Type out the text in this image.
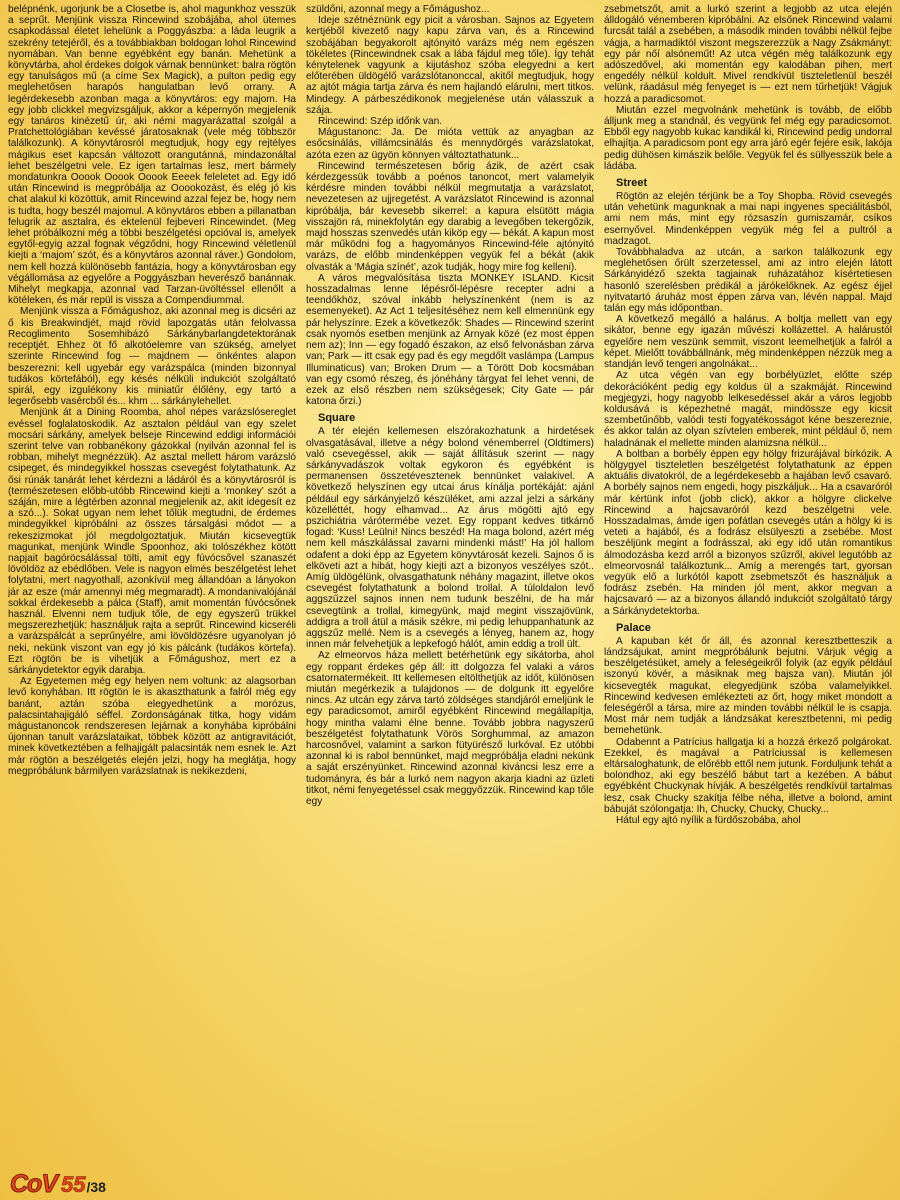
belépnénk, ugorjunk be a Closetbe is, ahol magunkhoz vesszük a seprűt. Menjünk vissza Rincewind szobájába, ahol ütemes csapkodással életet lehelünk a Poggyászba: a láda leugrik a szekrény tetejéről, és a továbbiakban boldogan lohol Rincewind nyomában. Van benne egyébként egy banán. Mehetünk a könyvtárba, ahol érdekes dolgok várnak bennünket: balra rögtön egy tanulságos mű (a címe Sex Magick), a pulton pedig egy meglehetősen harapós hangulatban levő orrany. A legérdekesebb azonban maga a könyvtáros: egy majom. Ha egy jobb clickkel megvizsgáljuk, akkor a képernyőn megjelenik egy tanáros kinézetű úr, aki némi magyarázattal szolgál a Pratchettológiában kevéssé járatosaknak (vele még többször találkozunk). A könyvtárosról megtudjuk, hogy egy rejtélyes mágikus eset kapcsán változott orangutánná, mindazonáltal lehet beszélgetni vele. Ez igen tartalmas lesz, mert bármely mondatunkra Ooook Ooook Ooook Eeeek feleletet ad. Egy idő után Rincewind is megpróbálja az Ooookozást, és elég jó kis chat alakul ki közöttük, amit Rincewind azzal fejez be, hogy nem is tudta, hogy beszél majomul. A könyvtáros ebben a pillanatban felugrik az asztalra, és ektelenül fejbeveri Rincewindet. (Meg lehet próbálkozni még a többi beszélgetési opcióval is, amelyek egytől-egyig azzal fognak végződni, hogy Rincewind véletlenül kiejti a ‘majom’ szót, és a könyvtáros azonnal ráver.) Gondolom, nem kell hozzá különösebb fantázia, hogy a könyvtárosban egy végállomása az egyelőre a Poggyászban heverésző banánnak. Mihelyt megkapja, azonnal vad Tarzan-üvöltéssel ellenőlt a kötéleken, és már repül is vissza a Compendiummal.

Menjünk vissza a Főmágushoz, aki azonnal meg is dicséri az ő kis Breakwindjét, majd rövid lapozgatás után felolvassa Recoglimento Sosemhibázó Sárkánybarlangdetektorának receptjét. Ehhez öt fő alkotóelemre van szükség, amelyet szerinte Rincewind fog — majdnem — önkéntes alapon beszerezni: kell ugyebár egy varázspálca (minden bizonnyal tudákos körtefából), egy késés nélküli indukciót szolgáltató spirál, egy izgulékony kis miniatűr élőlény, egy tartó a legerősebb vasércből és... khm ... sárkánylehellet.

Menjünk át a Dining Roomba, ahol népes varázslósereglet evéssel foglalatoskodik. Az asztalon például van egy szelet mocsári sárkány, amelyek belseje Rincewind eddigi információi szerint telve van robbanékony gázokkal (nyilván azonnal fel is robban, mihelyt megnézzük). Az asztal mellett három varázsló csipeget, és mindegyikkel hosszas csevegést folytathatunk. Az ősi rúnák tanárát lehet kérdezni a ládáról és a könyvtárosról is (természetesen előbb-utóbb Rincewind kiejti a ‘monkey’ szót a száján, mire a légtérben azonnal megjelenik az, akit idegesít ez a szó...). Sokat ugyan nem lehet tőlük megtudni, de érdemes mindegyikkel kipróbálni az összes társalgási módot — a rekeszizmokat jól megdolgoztatjuk. Miután kicsevegtük magunkat, menjünk Windle Spoonhoz, aki tolószékhez kötött napjait bagóröcsálással tölti, amit egy fúvócsővel szanaszét lövöldöz az ebédlőben. Vele is nagyon elmés beszélgetést lehet folytatni, mert nagyothall, azonkívül meg állandóan a lányokon jár az esze (már amennyi még megmaradt). A mondanivalójánál sokkal érdekesebb a pálca (Staff), amit momentán fúvócsőnek használ. Elvenni nem tudjuk tőle, de egy egyszerű trükkel megszerezhetjük: használjuk rajta a seprűt. Rincewind kicseréli a varázspálcát a seprűnyélre, ami lövöldözésre ugyanolyan jó neki, nekünk viszont van egy jó kis pálcánk (tudákos körtefa). Ezt rögtön be is vihetjük a Főmágushoz, mert ez a sárkánydetektor egyik darabja.

Az Egyetemen még egy helyen nem voltunk: az alagsorban levő konyhában. Itt rögtön le is akaszthatunk a falról még egy banánt, aztán szóba elegyedhetünk a morózus, palacsintahajigáló séffel. Zordonságának titka, hogy vidám mágustanoncok rendszeresen lejárnak a konyhába kipróbálni újonnan tanult varázslataikat, többek között az antigravitációt, minek következtében a felhajigált palacsinták nem esnek le. Azt már rögtön a beszélgetés elején jelzi, hogy ha meglátja, hogy megpróbálunk bármilyen varázslatnak is nekikezdeni,

szüldőni, azonnal megy a Főmágushoz...

Ideje szétnéznünk egy picit a városban. Sajnos az Egyetem kertjéből kivezető nagy kapu zárva van, és a Rincewind szobájában begyakorolt ajtónyitó varázs még nem egészen tökéletes (Rincewindnek csak a lába fájdul meg tőle). Így tehát kénytelenek vagyunk a kijutáshoz szóba elegyedni a kert előterében üldögélő varázslótanonccal, akitől megtudjuk, hogy az ajtót mágia tartja zárva és nem hajlandó elárulni, mert titkos. Mindegy. A párbeszédikonok megjelenése után válasszuk a szája.

Rincewind: Szép időnk van.

Mágustanonc: Ja. De mióta vettük az anyagban az esőcsinálás, villámcsinálás és mennydörgés varázslatokat, azóta ezen az ügyön könnyen változtathatunk...

Rincewind természetesen bőrig ázik, de azért csak kérdezgessük tovább a poénos tanoncot, mert valamelyik kérdésre minden további nélkül megmutatja a varázslatot, nevezetesen az ujjregetést. A varázslatot Rincewind is azonnal kipróbálja, bár kevesebb sikerrel: a kapura elsütött mágia visszajön rá, minekfolytán egy darabig a levegőben tekergőzik, majd hosszas szenvedés után kiköp egy — békát. A kapun most már működni fog a hagyományos Rincewind-féle ajtónyitó varázs, de előbb mindenképpen vegyük fel a békát (akik olvasták a ‘Mágia színét’, azok tudják, hogy mire fog kelleni).

A város megvalósítása tiszta MONKEY ISLAND. Kicsit hosszadalmas lenne lépésről-lépésre recepter adni a teendőkhöz, szóval inkább helyszínenként (nem is az esemenyeket). Az Act 1 teljesítéséhez nem kell elmennünk egy pár helyszínre. Ezek a következők: Shades — Rincewind szerint csak nyomós esetben menjünk az Árnyak közé (ez most éppen nem az); Inn — egy fogadó északon, az első felvonásban zárva van; Park — itt csak egy pad és egy megdőlt vaslámpa (Lampus Illuminaticus) van; Broken Drum — a Törött Dob kocsmában van egy csomó részeg, és jónéhány tárgyat fel lehet venni, de ezek az első részben nem szükségesek; City Gate — pár katona őrzi.)

Square

A tér elején kellemesen elszórakozhatunk a hirdetések olvasgatásával, illetve a négy bolond vénemberrel (Oldtimers) való csevegéssel, akik — saját állításuk szerint — nagy sárkányvadászok voltak egykoron és egyébként is permanensen összetévesztenek bennünket valakivel. A következő helyszínen egy utcai árus kínálja portékáját: ajánl például egy sárkányjelző készüléket, ami azzal jelzi a sárkány közelléttét, hogy elhamvad... Az árus mögötti ajtó egy pszichiátria várótermébe vezet. Egy roppant kedves titkárnő fogad: ‘Kuss! Leülni! Nincs beszéd! Ha maga bolond, azért még nem kell mászkálással zavarni mindenki mást!’ Ha jól hallom odafent a doki épp az Egyetem könyvtárosát kezeli. Sajnos ő is elköveti azt a hibát, hogy kiejti azt a bizonyos veszélyes szót.. Amíg üldögélünk, olvasgathatunk néhány magazint, illetve okos csevegést folytathatunk a bolond trollal. A túloldalon levő aggszűzzel sajnos innen nem tudunk beszélni, de ha már csevegtünk a trollal, kimegyünk, majd megint visszajövünk, addigra a troll átül a másik székre, mi pedig lehuppanhatunk az aggszűz mellé. Nem is a csevegés a lényeg, hanem az, hogy innen már felvehetjük a lepkefogó hálót, amin eddig a troll ült.

Az elmeorvos háza mellett betérhetünk egy sikátorba, ahol egy roppant érdekes gép áll: itt dolgozza fel valaki a város csatornatermékeit. Itt kellemesen eltölthetjük az időt, különösen miután megérkezik a tulajdonos — de dolgunk itt egyelőre nincs. Az utcán egy zárva tartó zöldséges standjáról emeljünk le egy paradicsomot, amiről egyébként Rincewind megállapítja, hogy mintha valami élne benne. Tovább jobbra nagyszerű beszélgetést folytathatunk Vörös Sorghummal, az amazon harcosnővel, valamint a sarkon fütyürésző lurkóval. Ez utóbbi azonnal ki is rabol bennünket, majd megpróbálja eladni nekünk a saját erszényünket. Rincewind azonnal kiváncsi lesz erre a tudományra, és bár a lurkó nem nagyon akarja kiadni az üzleti titkot, némi fenyegetéssel csak meggyőzzük. Rincewind kap tőle egy

zsebmetszőt, amit a lurkó szerint a legjobb az utca elején álldogáló vénemberen kipróbálni. Az elsőnek Rincewind valami furcsát talál a zsebében, a második minden további nélkül fejbe vágja, a harmadiktól viszont megszerezzük a Nagy Zsákmányt: egy pár nőí alsóneműt! Az utca végén még találkozunk egy adószedővel, aki momentán egy kalodában pihen, mert engedély nélkül koldult. Mivel rendkívül tiszteletlenül beszél velünk, ráadásul még fenyeget is — ezt nem tűrhetjük! Vágjuk hozzá a paradicsomot.

Miután ezzel megvolnánk mehetünk is tovább, de előbb álljunk meg a standnál, és vegyünk fel még egy paradicsomot. Ebből egy nagyobb kukac kandikál ki, Rincewind pedig undorral elhajítja. A paradicsom pont egy arra járó egér fejére esik, lakója pedig dühösen kimászik belőle. Vegyük fel és süllyesszük bele a ládába.

Street

Rögtön az elején térjünk be a Toy Shopba. Rövid csevegés után vehetünk magunknak a mai napi ingyenes speciálitásból, ami nem más, mint egy rózsaszín gumiszamár, csíkos esernyővel. Mindenképpen vegyük még fel a pultról a madzagot.

Továbbhaladva az utcán, a sarkon találkozunk egy meglehetősen őrült szerzetessel, ami az intro elején látott Sárkányidéző szekta tagjainak ruházatához kísértetiesen hasonló szerelésben prédikál a járókelőknek. Az egész éjjel nyitvatartó áruház most éppen zárva van, lévén nappal. Majd talán egy más időpontban.

A következő megálló a halárus. A boltja mellett van egy sikátor, benne egy igazán művészi kollázettel. A halárustól egyelőre nem veszünk semmit, viszont leemelhetjük a falról a képet. Mielőtt továbbállnánk, még mindenképpen nézzük meg a standján levő tengeri angolnákat...

Az utca végén van egy borbélyüzlet, előtte szép dekorációként pedig egy koldus ül a szakmáját. Rincewind megjegyzi, hogy nagyobb lelkesedéssel akár a város legjobb koldusává is képezhetné magát, mindössze egy kicsit szembetűnőbb, valódi testi fogyatékosságot kéne beszereznie, és akkor talán az olyan szívtelen emberek, mint például ő, nem haladnának el mellette minden alamizsna nélkül...

A boltban a borbély éppen egy hölgy frizurájával bírkózik. A hölgygyel tiszteletlen beszélgetést folytathatunk az éppen aktuális divatokról, de a legérdekesebb a hajában levő csavaró. A borbély sajnos nem engedi, hogy piszkáljuk... Ha a csavaróról már kértünk infot (jobb click), akkor a hölgyre clickelve Rincewind a hajcsavaróról kezd beszélgetni vele. Hosszadalmas, ámde igen pofátlan csevegés után a hölgy ki is veteti a hajából, és a fodrász elsülyeszti a zsebébe. Most beszéljünk megint a fodrásszal, aki egy idő után romantikus álmodozásba kezd arról a bizonyos szűzről, akivel legutóbb az elmeorvosnál találkoztunk... Amíg a merengés tart, gyorsan vegyük elő a lurkótól kapott zsebmetszőt és használjuk a fodrász zsebén. Ha minden jól ment, akkor megvan a hajcsavaró — az a bizonyos állandó indukciót szolgáltató tárgy a Sárkánydetektorba.

Palace

A kapuban két őr áll, és azonnal keresztbetteszik a lándzsájukat, amint megpróbálunk bejutni. Várjuk végig a beszélgetésüket, amely a feleségeikről folyik (az egyik például iszonyú kövér, a másiknak meg bajsza van). Miután jól kicsevegték magukat, elegyedjünk szóba valamelyikkel. Rincewind kedvesen emlékezteti az őrt, hogy miket mondott a feleségéről a társa, mire az minden további nélkül le is csapja. Most már nem tudják a lándzsákat keresztbetenni, mi pedig bemehetünk.

Odabennt a Patrícius hallgatja ki a hozzá érkező polgárokat. Ezekkel, és magával a Patríciussal is kellemesen eltársaloghatunk, de előrébb ettől nem jutunk. Forduljunk tehát a bolondhoz, aki egy beszélő bábut tart a kezében. A bábut egyébként Chuckynak hívják. A beszélgetés rendkívül tartalmas lesz, csak Chucky szakítja félbe néha, illetve a bolond, amint bábuját szólongatja: Ih, Chucky, Chucky, Chucky...

Hátul egy ajtó nyílik a fürdőszobába, ahol

CoV 55 /38
